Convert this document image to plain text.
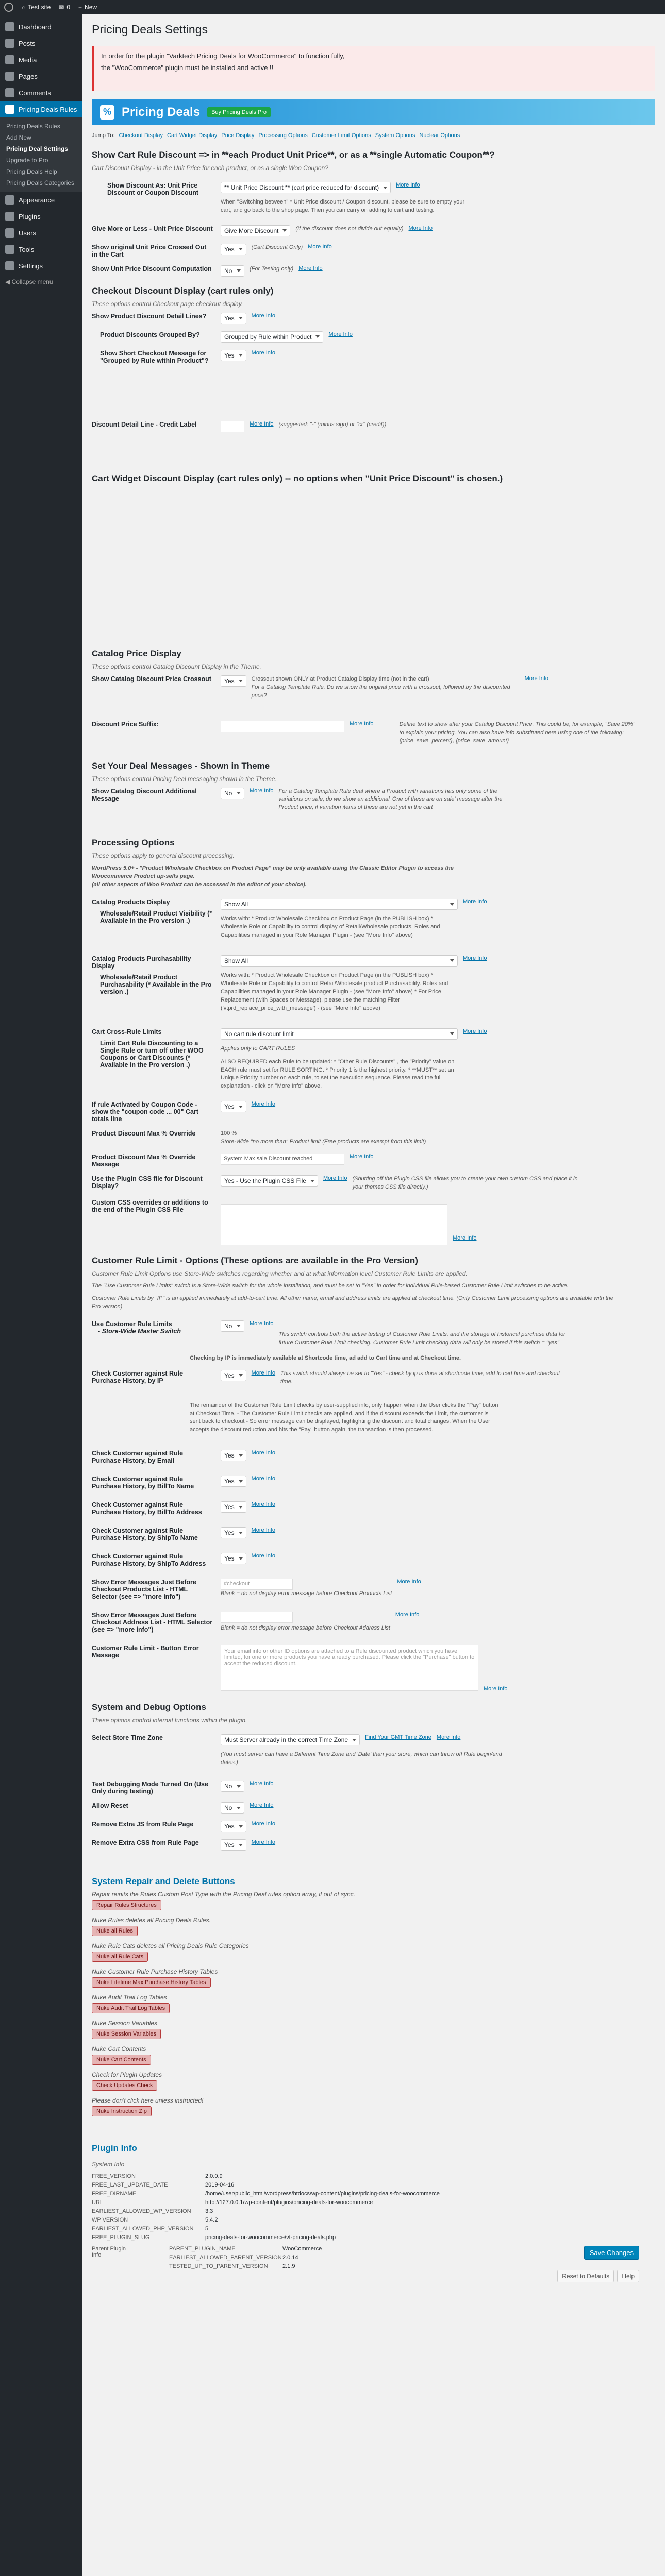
⌂ Test site ✉ 0 + New
Dashboard
Posts
Media
Pages
Comments
Pricing Deals Rules
Pricing Deals Rules
Add New
Pricing Deal Settings
Upgrade to Pro
Pricing Deals Help
Pricing Deals Categories
Appearance
Plugins
Users
Tools
Settings
◀ Collapse menu
Pricing Deals Settings

In order for the plugin "Varktech Pricing Deals for WooCommerce" to function fully,

the "WooCommerce" plugin must be installed and active !!

%
Pricing Deals	Buy Pricing Deals Pro
Jump To: Checkout Display Cart Widget Display Price Display Processing Options Customer Limit Options System Options Nuclear Options
Show Cart Rule Discount => in **each Product Unit Price**, or as a **single Automatic Coupon**?
Cart Discount Display - in the Unit Price for each product, or as a single Woo Coupon?
Show Discount As: Unit Price Discount or Coupon Discount
** Unit Price Discount ** (cart price reduced for discount)	More Info
When "Switching between" * Unit Price discount / Coupon discount, please be sure to empty your cart, and go back to the shop page. Then you can carry on adding to cart and testing.
Give More or Less - Unit Price Discount	Give More Discount	(If the discount does not divide out equally) More Info
Show original Unit Price Crossed Out in the Cart
Yes	(Cart Discount Only) More Info
Show Unit Price Discount Computation	No	(For Testing only) More Info
Checkout Discount Display (cart rules only)
These options control Checkout page checkout display.
Show Product Discount Detail Lines?	Yes	More Info
Product Discounts Grouped By?	Grouped by Rule within Product	More Info
Show Short Checkout Message for "Grouped by Rule within Product"?
Yes	More Info
Discount Detail Line - Credit Label	More Info (suggested: "-" (minus sign) or "cr" (credit))
Cart Widget Discount Display (cart rules only) -- no options when "Unit Price Discount" is chosen.)
Catalog Price Display
These options control Catalog Discount Display in the Theme.
Show Catalog Discount Price Crossout	Yes	Crossout shown ONLY at Product Catalog Display time (not in the cart)
For a Catalog Template Rule. Do we show the original price with a crossout, followed by the discounted price?
More Info
Discount Price Suffix:	More Info	Define text to show after your Catalog Discount Price. This could be, for example, "Save 20%" to explain your pricing. You can also have info substituted here using one of the following: {price_save_percent}, {price_save_amount}
Set Your Deal Messages - Shown in Theme
These options control Pricing Deal messaging shown in the Theme.
Show Catalog Discount Additional Message
No	More Info For a Catalog Template Rule deal where a Product with variations has only some of the variations on sale, do we show an additional 'One of these are on sale' message after the Product price, if variation items of these are not yet in the cart
Processing Options
These options apply to general discount processing.
WordPress 5.0+ - "Product Wholesale Checkbox on Product Page" may be only available using the Classic Editor Plugin to access the Woocommerce Product up-sells page.
(all other aspects of Woo Product can be accessed in the editor of your choice).
Catalog Products Display
Wholesale/Retail Product Visibility (* Available in the Pro version .)
Show All	More Info
Works with: * Product Wholesale Checkbox on Product Page (in the PUBLISH box) * Wholesale Role or Capability to control display of Retail/Wholesale products. Roles and Capabilities managed in your Role Manager Plugin - (see "More Info" above)
Catalog Products Purchasability Display
Wholesale/Retail Product Purchasability (* Available in the Pro version .)
Show All	More Info
Works with: * Product Wholesale Checkbox on Product Page (in the PUBLISH box) * Wholesale Role or Capability to control Retail/Wholesale product Purchasability. Roles and Capabilities managed in your Role Manager Plugin - (see "More Info" above) * For Price Replacement (with Spaces or Message), please use the matching Filter ('vtprd_replace_price_with_message') - (see "More Info" above)
Cart Cross-Rule Limits
Limit Cart Rule Discounting to a Single Rule or turn off other WOO Coupons or Cart Discounts (* Available in the Pro version .)
No cart rule discount limit	More Info
Applies only to CART RULES
ALSO REQUIRED each Rule to be updated: * "Other Rule Discounts" , the "Priority" value on EACH rule must set for RULE SORTING. * Priority 1 is the highest priority. * **MUST** set an Unique Priority number on each rule, to set the execution sequence. Please read the full explanation - click on "More Info" above.
If rule Activated by Coupon Code - show the "coupon code ... 00" Cart totals line
Yes	More Info
Product Discount Max % Override	100 %
Store-Wide "no more than" Product limit (Free products are exempt from this limit)
Product Discount Max % Override Message
System Max sale Discount reached	More Info
Use the Plugin CSS file for Discount Display?
Yes - Use the Plugin CSS File	More Info (Shutting off the Plugin CSS file allows you to create your own custom CSS and place it in your themes CSS file directly.)
Custom CSS overrides or additions to the end of the Plugin CSS File
More Info
Customer Rule Limit - Options (These options are available in the Pro Version)
Customer Rule Limit Options use Store-Wide switches regarding whether and at what information level Customer Rule Limits are applied.
The "Use Customer Rule Limits" switch is a Store-Wide switch for the whole installation, and must be set to "Yes" in order for individual Rule-based Customer Rule Limit switches to be active.
Customer Rule Limits by "IP" is an applied immediately at add-to-cart time. All other name, email and address limits are applied at checkout time. (Only Customer Limit processing options are available with the Pro version)
Use Customer Rule Limits
- Store-Wide Master Switch
No	More Info
This switch controls both the active testing of Customer Rule Limits, and the storage of historical purchase data for future Customer Rule Limit checking. Customer Rule Limit checking data will only be stored if this switch = "yes"
Checking by IP is immediately available at Shortcode time, ad add to Cart time and at Checkout time.
Check Customer against Rule Purchase History, by IP
Yes	More Info This switch should always be set to "Yes" - check by ip is done at shortcode time, add to cart time and checkout time.
The remainder of the Customer Rule Limit checks by user-supplied info, only happen when the User clicks the "Pay" button at Checkout Time. - The Customer Rule Limit checks are applied, and if the discount exceeds the Limit, the customer is sent back to checkout - So error message can be displayed, highlighting the discount and total changes. When the User accepts the discount reduction and hits the "Pay" button again, the transaction is then processed.
Check Customer against Rule Purchase History, by Email
Yes	More Info
Check Customer against Rule Purchase History, by BillTo Name
Yes	More Info
Check Customer against Rule Purchase History, by BillTo Address
Yes	More Info
Check Customer against Rule Purchase History, by ShipTo Name
Yes	More Info
Check Customer against Rule Purchase History, by ShipTo Address
Yes	More Info
Show Error Messages Just Before Checkout Products List - HTML Selector (see => "more info")
#checkout
Blank = do not display error message before Checkout Products List
More Info
Show Error Messages Just Before Checkout Address List - HTML Selector (see => "more info")	Blank = do not display error message before Checkout Address List
More Info
Customer Rule Limit - Button Error Message
Your email info or other ID options are attached to a Rule discounted product which you have limited, for one or more products you have already purchased. Please click the "Purchase" button to accept the reduced discount.
More Info
System and Debug Options
These options control internal functions within the plugin.
Select Store Time Zone	Must Server already in the correct Time Zone	Find Your GMT Time Zone More Info
(You must server can have a Different Time Zone and 'Date' than your store, which can throw off Rule begin/end dates.)
Test Debugging Mode Turned On (Use Only during testing)
No	More Info
Allow Reset	No	More Info
Remove Extra JS from Rule Page	Yes	More Info
Remove Extra CSS from Rule Page	Yes	More Info
System Repair and Delete Buttons

Repair reinits the Rules Custom Post Type with the Pricing Deal rules option array, if out of sync.

Repair Rules Structures

Nuke Rules deletes all Pricing Deals Rules.

Nuke all Rules

Nuke Rule Cats deletes all Pricing Deals Rule Categories

Nuke all Rule Cats

Nuke Customer Rule Purchase History Tables

Nuke Lifetime Max Purchase History Tables

Nuke Audit Trail Log Tables

Nuke Audit Trail Log Tables

Nuke Session Variables

Nuke Session Variables

Nuke Cart Contents

Nuke Cart Contents

Check for Plugin Updates

Check Updates Check

Please don't click here unless instructed!

Nuke Instruction Zip
Plugin Info
System Info
FREE_VERSION	2.0.0.9
FREE_LAST_UPDATE_DATE	2019-04-16
FREE_DIRNAME	/home/user/public_html/wordpress/htdocs/wp-content/plugins/pricing-deals-for-woocommerce
URL	http://127.0.0.1/wp-content/plugins/pricing-deals-for-woocommerce
EARLIEST_ALLOWED_WP_VERSION	3.3
WP VERSION	5.4.2
EARLIEST_ALLOWED_PHP_VERSION	5
FREE_PLUGIN_SLUG	pricing-deals-for-woocommerce/vt-pricing-deals.php
Parent Plugin Info
PARENT_PLUGIN_NAME	WooCommerce
EARLIEST_ALLOWED_PARENT_VERSION 2.0.14
TESTED_UP_TO_PARENT_VERSION	2.1.9
Save Changes
Reset to Defaults	Help
